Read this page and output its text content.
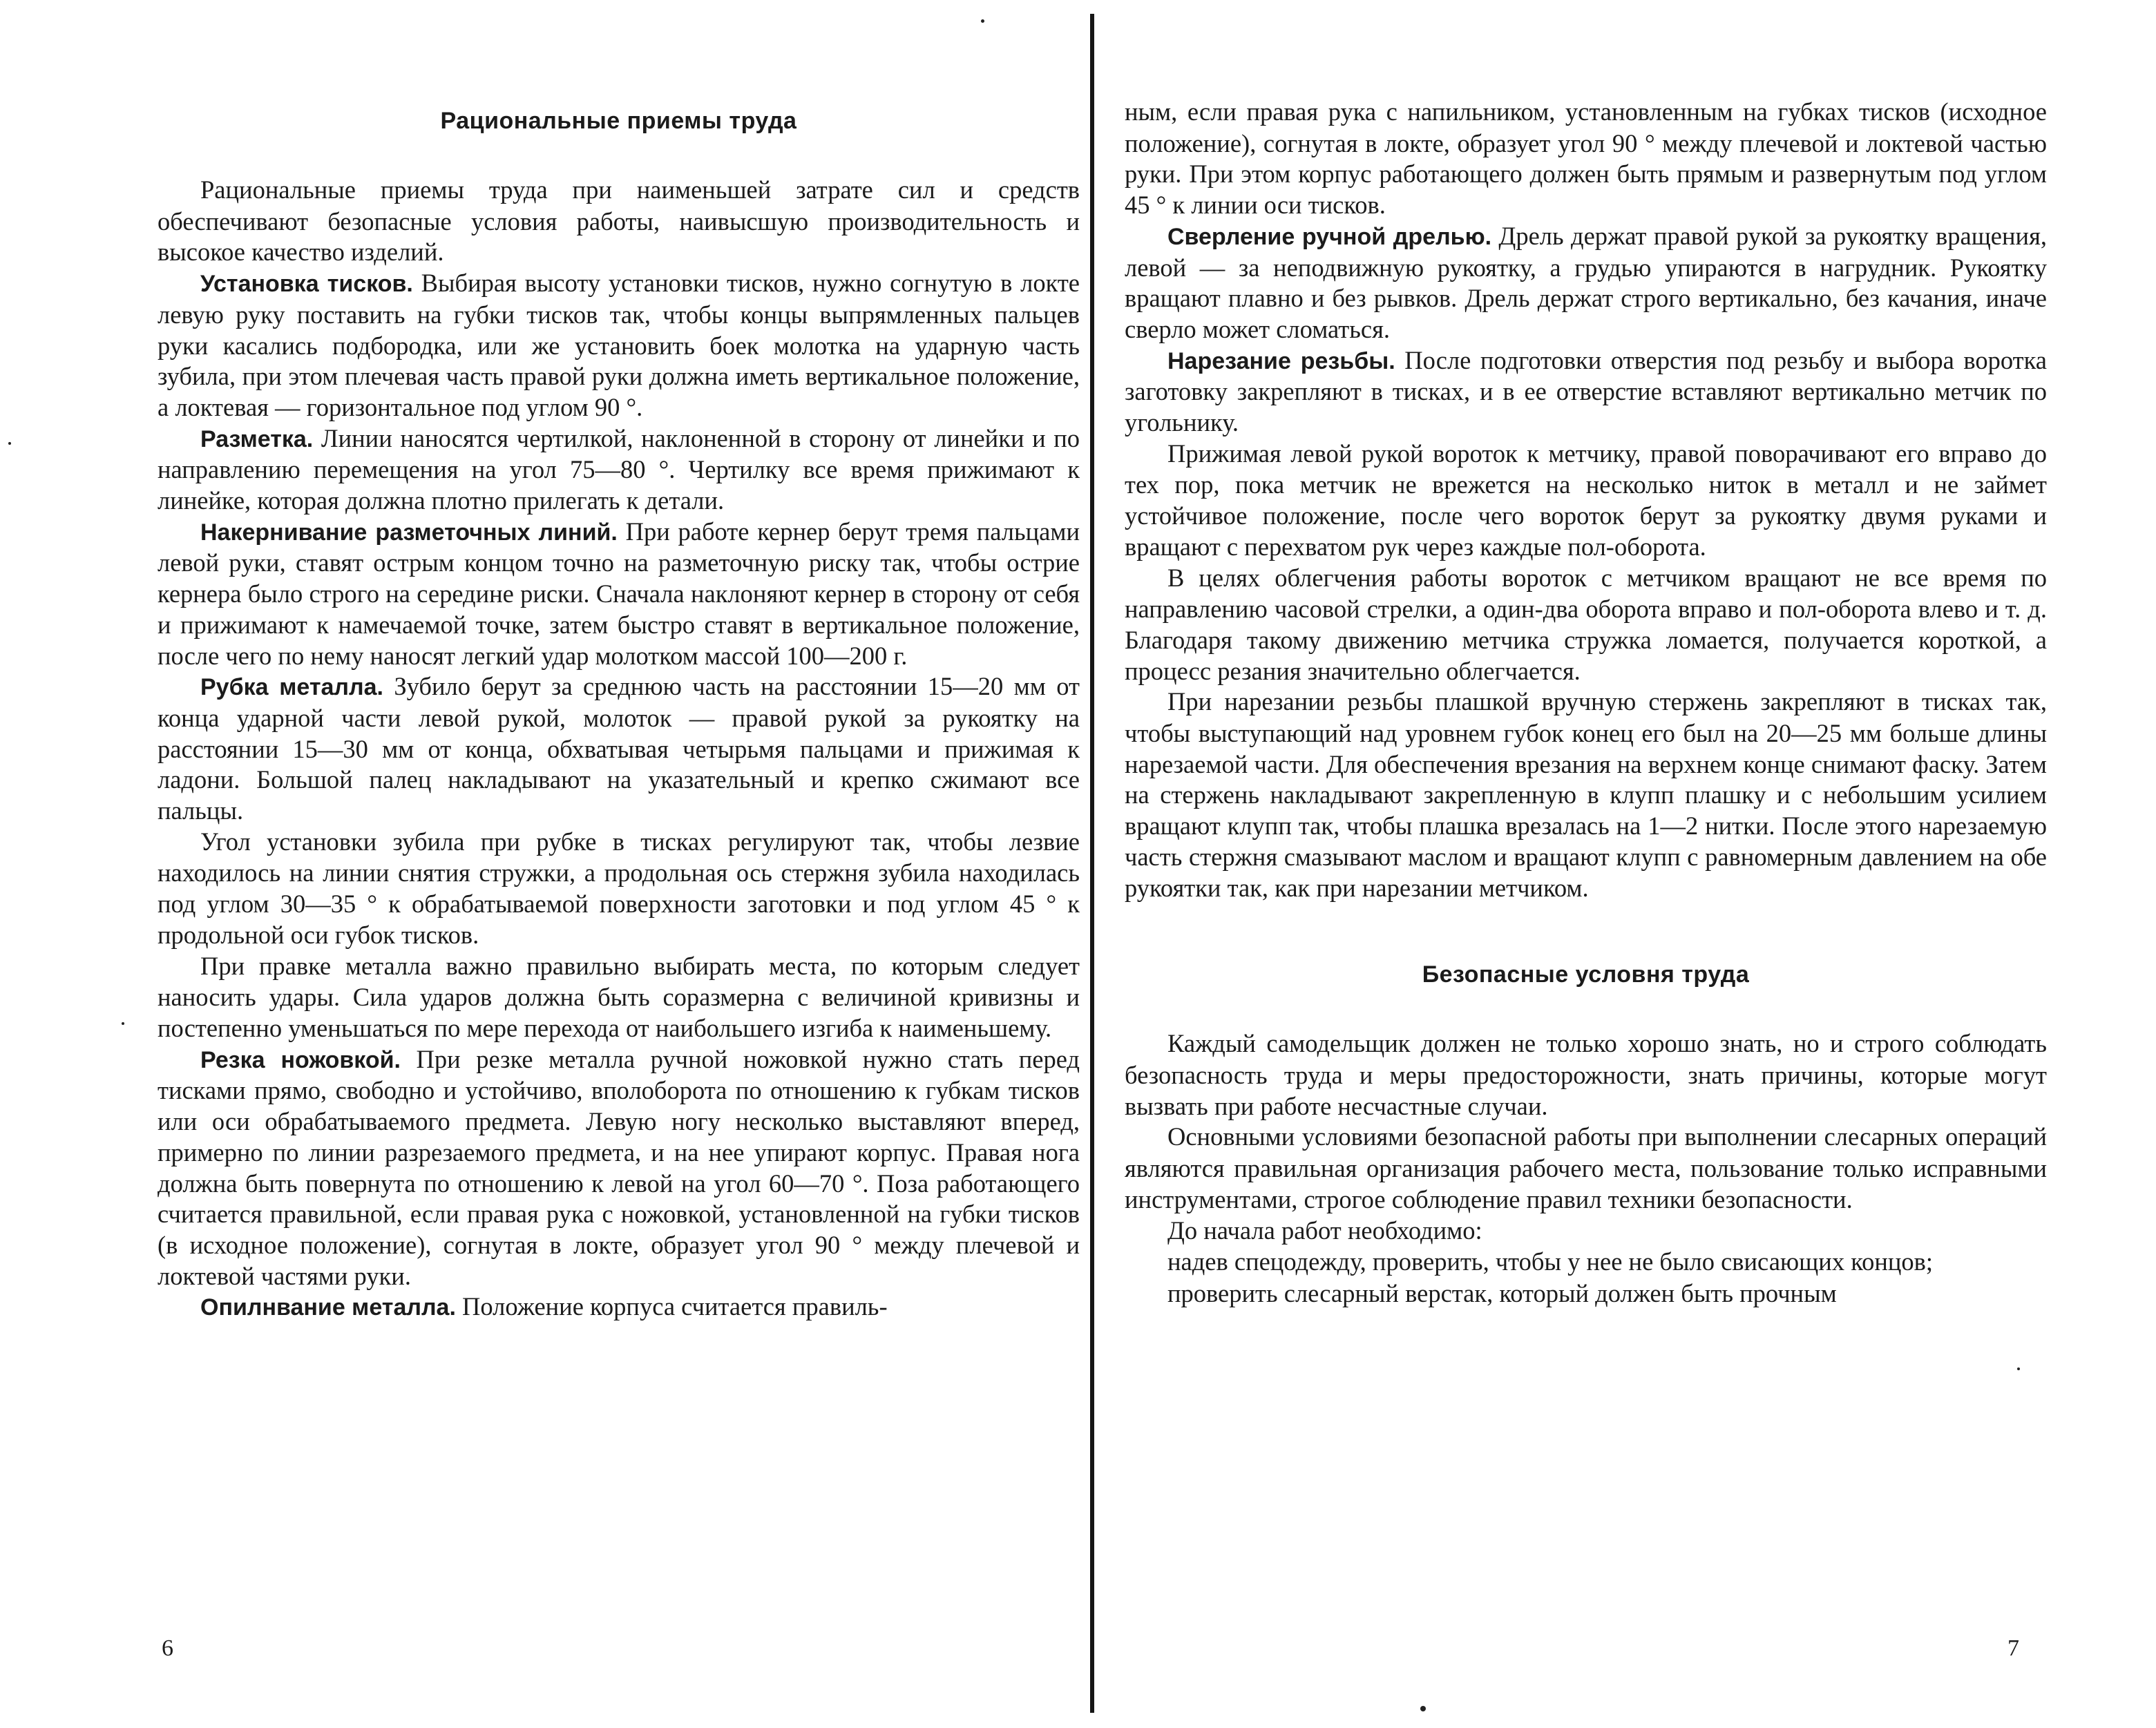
Рациональные приемы труда

Рациональные приемы труда при наименьшей затрате сил и средств обеспечивают безопасные условия работы, наивысшую производительность и высокое качество изделий.

Установка тисков. Выбирая высоту установки тисков, нужно согнутую в локте левую руку поставить на губки тисков так, чтобы концы выпрямленных пальцев руки касались подбородка, или же установить боек молотка на ударную часть зубила, при этом плечевая часть правой руки должна иметь вертикальное положение, а локтевая — горизонтальное под углом 90 °.

Разметка. Линии наносятся чертилкой, наклоненной в сторону от линейки и по направлению перемещения на угол 75—80 °. Чертилку все время прижимают к линейке, которая должна плотно прилегать к детали.

Накернивание разметочных линий. При работе кернер берут тремя пальцами левой руки, ставят острым концом точно на разметочную риску так, чтобы острие кернера было строго на середине риски. Сначала наклоняют кернер в сторону от себя и прижимают к намечаемой точке, затем быстро ставят в вертикальное положение, после чего по нему наносят легкий удар молотком массой 100—200 г.

Рубка металла. Зубило берут за среднюю часть на расстоянии 15—20 мм от конца ударной части левой рукой, молоток — правой рукой за рукоятку на расстоянии 15—30 мм от конца, обхватывая четырьмя пальцами и прижимая к ладони. Большой палец накладывают на указательный и крепко сжимают все пальцы.

Угол установки зубила при рубке в тисках регулируют так, чтобы лезвие находилось на линии снятия стружки, а продольная ось стержня зубила находилась под углом 30—35 ° к обрабатываемой поверхности заготовки и под углом 45 ° к продольной оси губок тисков.

При правке металла важно правильно выбирать места, по которым следует наносить удары. Сила ударов должна быть соразмерна с величиной кривизны и постепенно уменьшаться по мере перехода от наибольшего изгиба к наименьшему.

Резка ножовкой. При резке металла ручной ножовкой нужно стать перед тисками прямо, свободно и устойчиво, вполоборота по отношению к губкам тисков или оси обрабатываемого предмета. Левую ногу несколько выставляют вперед, примерно по линии разрезаемого предмета, и на нее упирают корпус. Правая нога должна быть повернута по отношению к левой на угол 60—70 °. Поза работающего считается правильной, если правая рука с ножовкой, установленной на губки тисков (в исходное положение), согнутая в локте, образует угол 90 ° между плечевой и локтевой частями руки.

Опилнвание металла. Положение корпуса считается правиль-

ным, если правая рука с напильником, установленным на губках тисков (исходное положение), согнутая в локте, образует угол 90 ° между плечевой и локтевой частью руки. При этом корпус работающего должен быть прямым и развернутым под углом 45 ° к линии оси тисков.

Сверление ручной дрелью. Дрель держат правой рукой за рукоятку вращения, левой — за неподвижную рукоятку, а грудью упираются в нагрудник. Рукоятку вращают плавно и без рывков. Дрель держат строго вертикально, без качания, иначе сверло может сломаться.

Нарезание резьбы. После подготовки отверстия под резьбу и выбора воротка заготовку закрепляют в тисках, и в ее отверстие вставляют вертикально метчик по угольнику.

Прижимая левой рукой вороток к метчику, правой поворачивают его вправо до тех пор, пока метчик не врежется на несколько ниток в металл и не займет устойчивое положение, после чего вороток берут за рукоятку двумя руками и вращают с перехватом рук через каждые пол-оборота.

В целях облегчения работы вороток с метчиком вращают не все время по направлению часовой стрелки, а один-два оборота вправо и пол-оборота влево и т. д. Благодаря такому движению метчика стружка ломается, получается короткой, а процесс резания значительно облегчается.

При нарезании резьбы плашкой вручную стержень закрепляют в тисках так, чтобы выступающий над уровнем губок конец его был на 20—25 мм больше длины нарезаемой части. Для обеспечения врезания на верхнем конце снимают фаску. Затем на стержень накладывают закрепленную в клупп плашку и с небольшим усилием вращают клупп так, чтобы плашка врезалась на 1—2 нитки. После этого нарезаемую часть стержня смазывают маслом и вращают клупп с равномерным давлением на обе рукоятки так, как при нарезании метчиком.

Безопасные условня труда

Каждый самодельщик должен не только хорошо знать, но и строго соблюдать безопасность труда и меры предосторожности, знать причины, которые могут вызвать при работе несчастные случаи.

Основными условиями безопасной работы при выполнении слесарных операций являются правильная организация рабочего места, пользование только исправными инструментами, строгое соблюдение правил техники безопасности.

До начала работ необходимо:

надев спецодежду, проверить, чтобы у нее не было свисающих концов;

проверить слесарный верстак, который должен быть прочным

6	7
